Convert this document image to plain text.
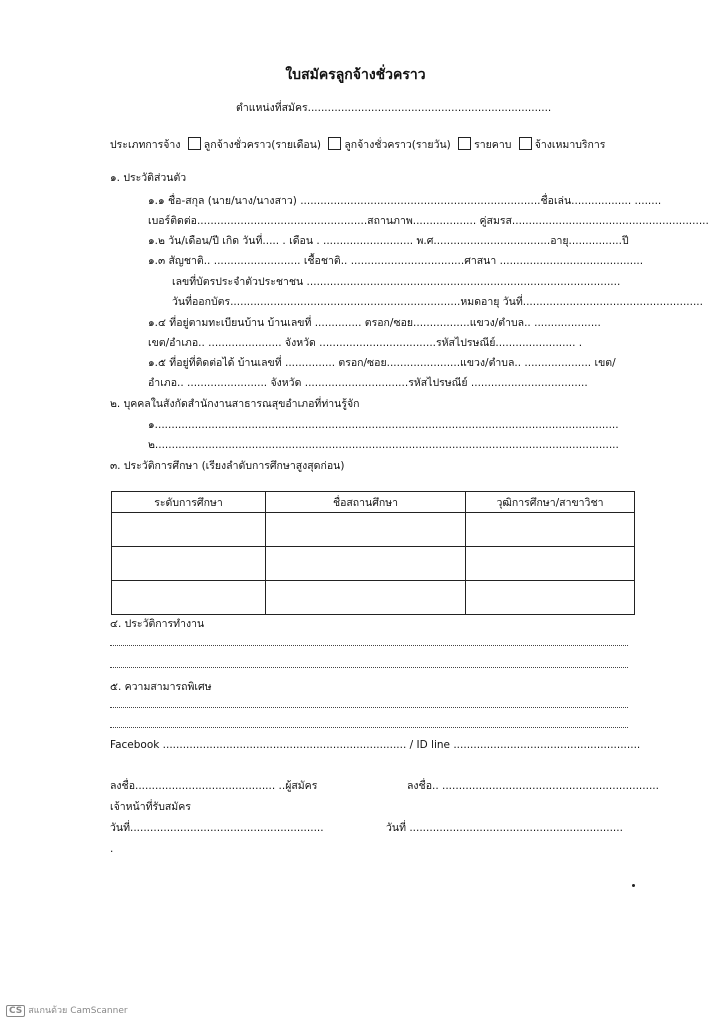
ใบสมัครลูกจ้างชั่วคราว
ตำแหน่งที่สมัคร.........................................................................
ประเภทการจ้าง ลูกจ้างชั่วคราว(รายเดือน) ลูกจ้างชั่วคราว(รายวัน) รายคาบ จ้างเหมาบริการ
๑. ประวัติส่วนตัว
๑.๑ ชื่อ-สกุล (นาย/นาง/นางสาว) ........................................................................ชื่อเล่น.................. ........
เบอร์ติดต่อ...................................................สถานภาพ................... คู่สมรส...........................................................
๑.๒ วัน/เดือน/ปี เกิด วันที่..... . เดือน . ........................... พ.ศ...................................อายุ................ปี
๑.๓ สัญชาติ.. .......................... เชื้อชาติ.. ..................................ศาสนา ...........................................
เลขที่บัตรประจำตัวประชาชน ..............................................................................................
วันที่ออกบัตร.....................................................................หมดอายุ วันที่......................................................
๑.๔ ที่อยู่ตามทะเบียนบ้าน บ้านเลขที่ .............. ตรอก/ซอย.................แขวง/ตำบล.. ....................
เขต/อำเภอ.. ...................... จังหวัด ...................................รหัสไปรษณีย์........................ .
๑.๕ ที่อยู่ที่ติดต่อได้ บ้านเลขที่ ............... ตรอก/ซอย......................แขวง/ตำบล.. .................... เขต/
อำเภอ.. ........................ จังหวัด ...............................รหัสไปรษณีย์ ...................................
๒. บุคคลในสังกัดสำนักงานสาธารณสุขอำเภอที่ท่านรู้จัก
๑...........................................................................................................................................
๒...........................................................................................................................................
๓. ประวัติการศึกษา (เรียงลำดับการศึกษาสูงสุดก่อน)
ระดับการศึกษา	ชื่อสถานศึกษา	วุฒิการศึกษา/สาขาวิชา

๔. ประวัติการทำงาน
๕. ความสามารถพิเศษ
Facebook ......................................................................... / ID line ........................................................
ลงชื่อ.......................................... ..ผู้สมัคร	ลงชื่อ.. .................................................................
เจ้าหน้าที่รับสมัคร
วันที่..........................................................	วันที่ ................................................................
.
CS สแกนด้วย CamScanner
